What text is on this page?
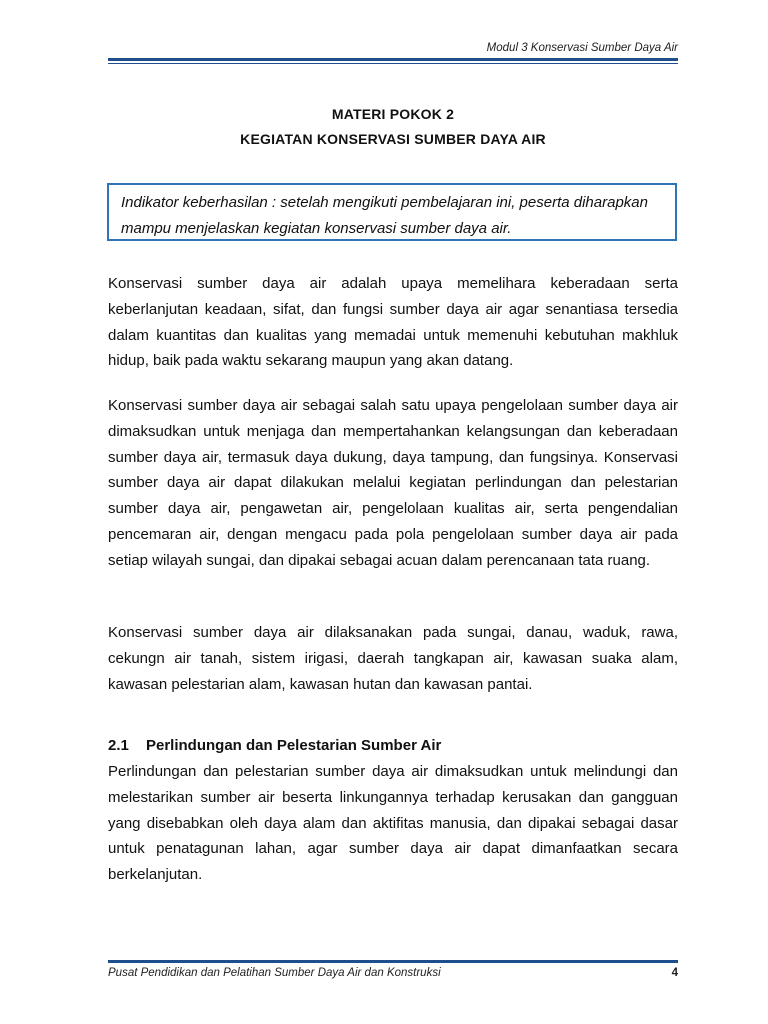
Modul 3 Konservasi Sumber Daya Air
MATERI POKOK 2
KEGIATAN KONSERVASI SUMBER DAYA AIR
Indikator keberhasilan : setelah mengikuti pembelajaran ini, peserta diharapkan mampu menjelaskan kegiatan konservasi sumber daya air.

Konservasi sumber daya air adalah upaya memelihara keberadaan serta keberlanjutan keadaan, sifat, dan fungsi sumber daya air agar senantiasa tersedia dalam kuantitas dan kualitas yang memadai untuk memenuhi kebutuhan makhluk hidup, baik pada waktu sekarang maupun yang akan datang.

Konservasi sumber daya air sebagai salah satu upaya pengelolaan sumber daya air dimaksudkan untuk menjaga dan mempertahankan kelangsungan dan keberadaan sumber daya air, termasuk daya dukung, daya tampung, dan fungsinya. Konservasi sumber daya air dapat dilakukan melalui kegiatan perlindungan dan pelestarian sumber daya air, pengawetan air, pengelolaan kualitas air, serta pengendalian pencemaran air, dengan mengacu pada pola pengelolaan sumber daya air pada setiap wilayah sungai, dan dipakai sebagai acuan dalam perencanaan tata ruang.

Konservasi sumber daya air dilaksanakan pada sungai, danau, waduk, rawa, cekungn air tanah, sistem irigasi, daerah tangkapan air, kawasan suaka alam, kawasan pelestarian alam, kawasan hutan dan kawasan pantai.

2.1 Perlindungan dan Pelestarian Sumber Air

Perlindungan dan pelestarian sumber daya air dimaksudkan untuk melindungi dan melestarikan sumber air beserta linkungannya terhadap kerusakan dan gangguan yang disebabkan oleh daya alam dan aktifitas manusia, dan dipakai sebagai dasar untuk penatagunan lahan, agar sumber daya air dapat dimanfaatkan secara berkelanjutan.

Pusat Pendidikan dan Pelatihan Sumber Daya Air dan Konstruksi	4
